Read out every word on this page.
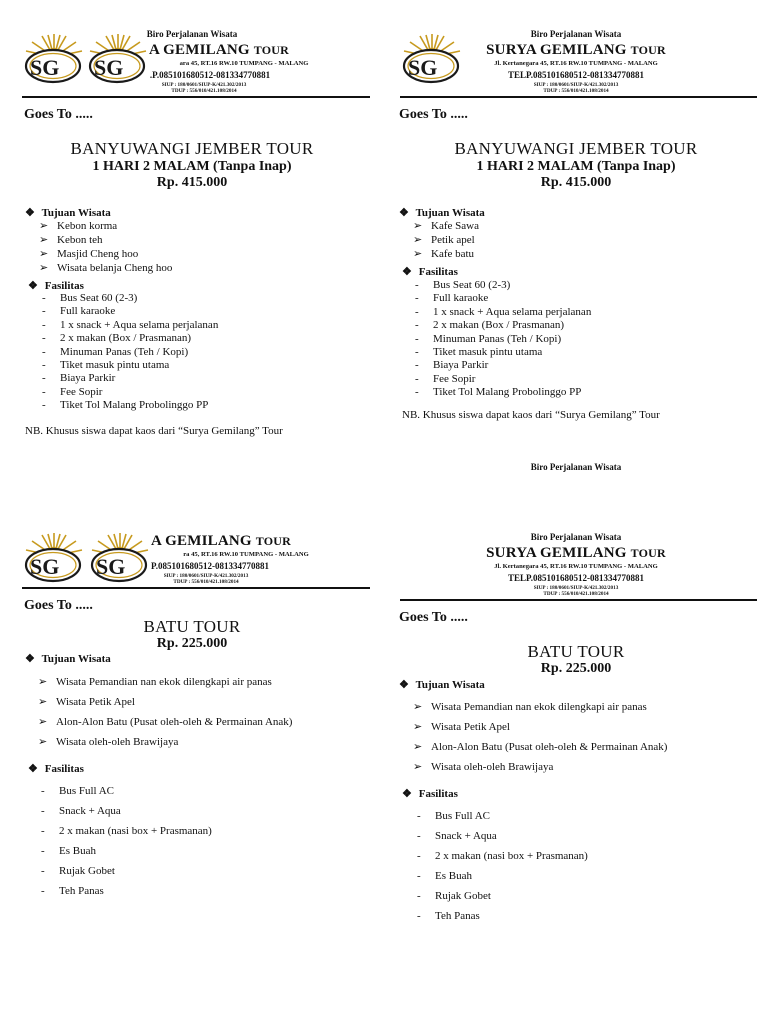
Biro Perjalanan Wisata
A GEMILANG TOUR
ara 45, RT.16 RW.10 TUMPANG - MALANG
.P.085101680512-081334770881
SIUP : 180/0601/SIUP-K/421.302/2013
TDUP : 556/010/421.108/2014
Goes To .....
BANYUWANGI JEMBER TOUR
1 HARI 2 MALAM (Tanpa Inap)
Rp. 415.000
❖ Tujuan Wisata
➢ Kebon korma
➢ Kebon teh
➢ Masjid Cheng hoo
➢ Wisata belanja Cheng hoo
❖ Fasilitas
-	Bus Seat 60 (2-3)
-	Full karaoke
-	1 x snack + Aqua selama perjalanan
-	2 x makan (Box / Prasmanan)
-	Minuman Panas (Teh / Kopi)
-	Tiket masuk pintu utama
-	Biaya Parkir
-	Fee Sopir
-	Tiket Tol Malang Probolinggo PP
NB. Khusus siswa dapat kaos dari “Surya Gemilang” Tour
Biro Perjalanan Wisata
SURYA GEMILANG TOUR
Jl. Kertanegara 45, RT.16 RW.10 TUMPANG - MALANG
TELP.085101680512-081334770881
SIUP : 180/0601/SIUP-K/421.302/2013
TDUP : 556/010/421.108/2014
Goes To .....
BANYUWANGI JEMBER TOUR
1 HARI 2 MALAM (Tanpa Inap)
Rp. 415.000
❖ Tujuan Wisata
➢ Kafe Sawa
➢ Petik apel
➢ Kafe batu
❖ Fasilitas
-	Bus Seat 60 (2-3)
-	Full karaoke
-	1 x snack + Aqua selama perjalanan
-	2 x makan (Box / Prasmanan)
-	Minuman Panas (Teh / Kopi)
-	Tiket masuk pintu utama
-	Biaya Parkir
-	Fee Sopir
-	Tiket Tol Malang Probolinggo PP
NB. Khusus siswa dapat kaos dari “Surya Gemilang” Tour
Biro Perjalanan Wisata
A GEMILANG TOUR
ra 45, RT.16 RW.10 TUMPANG - MALANG
P.085101680512-081334770881
SIUP : 180/0601/SIUP-K/421.302/2013
TDUP : 556/010/421.108/2014
Goes To .....
BATU TOUR
Rp. 225.000
❖ Tujuan Wisata
➢ Wisata Pemandian nan ekok dilengkapi air panas
➢ Wisata Petik Apel
➢ Alon-Alon Batu (Pusat oleh-oleh & Permainan Anak)
➢ Wisata oleh-oleh Brawijaya
❖ Fasilitas
-	Bus Full AC
-	Snack + Aqua
-	2 x makan (nasi box + Prasmanan)
-	Es Buah
-	Rujak Gobet
-	Teh Panas
Biro Perjalanan Wisata
SURYA GEMILANG TOUR
Jl. Kertanegara 45, RT.16 RW.10 TUMPANG - MALANG
TELP.085101680512-081334770881
SIUP : 180/0601/SIUP-K/421.302/2013
TDUP : 556/010/421.108/2014
Goes To .....
BATU TOUR
Rp. 225.000
❖ Tujuan Wisata
➢ Wisata Pemandian nan ekok dilengkapi air panas
➢ Wisata Petik Apel
➢ Alon-Alon Batu (Pusat oleh-oleh & Permainan Anak)
➢ Wisata oleh-oleh Brawijaya
❖ Fasilitas
-	Bus Full AC
-	Snack + Aqua
-	2 x makan (nasi box + Prasmanan)
-	Es Buah
-	Rujak Gobet
-	Teh Panas
